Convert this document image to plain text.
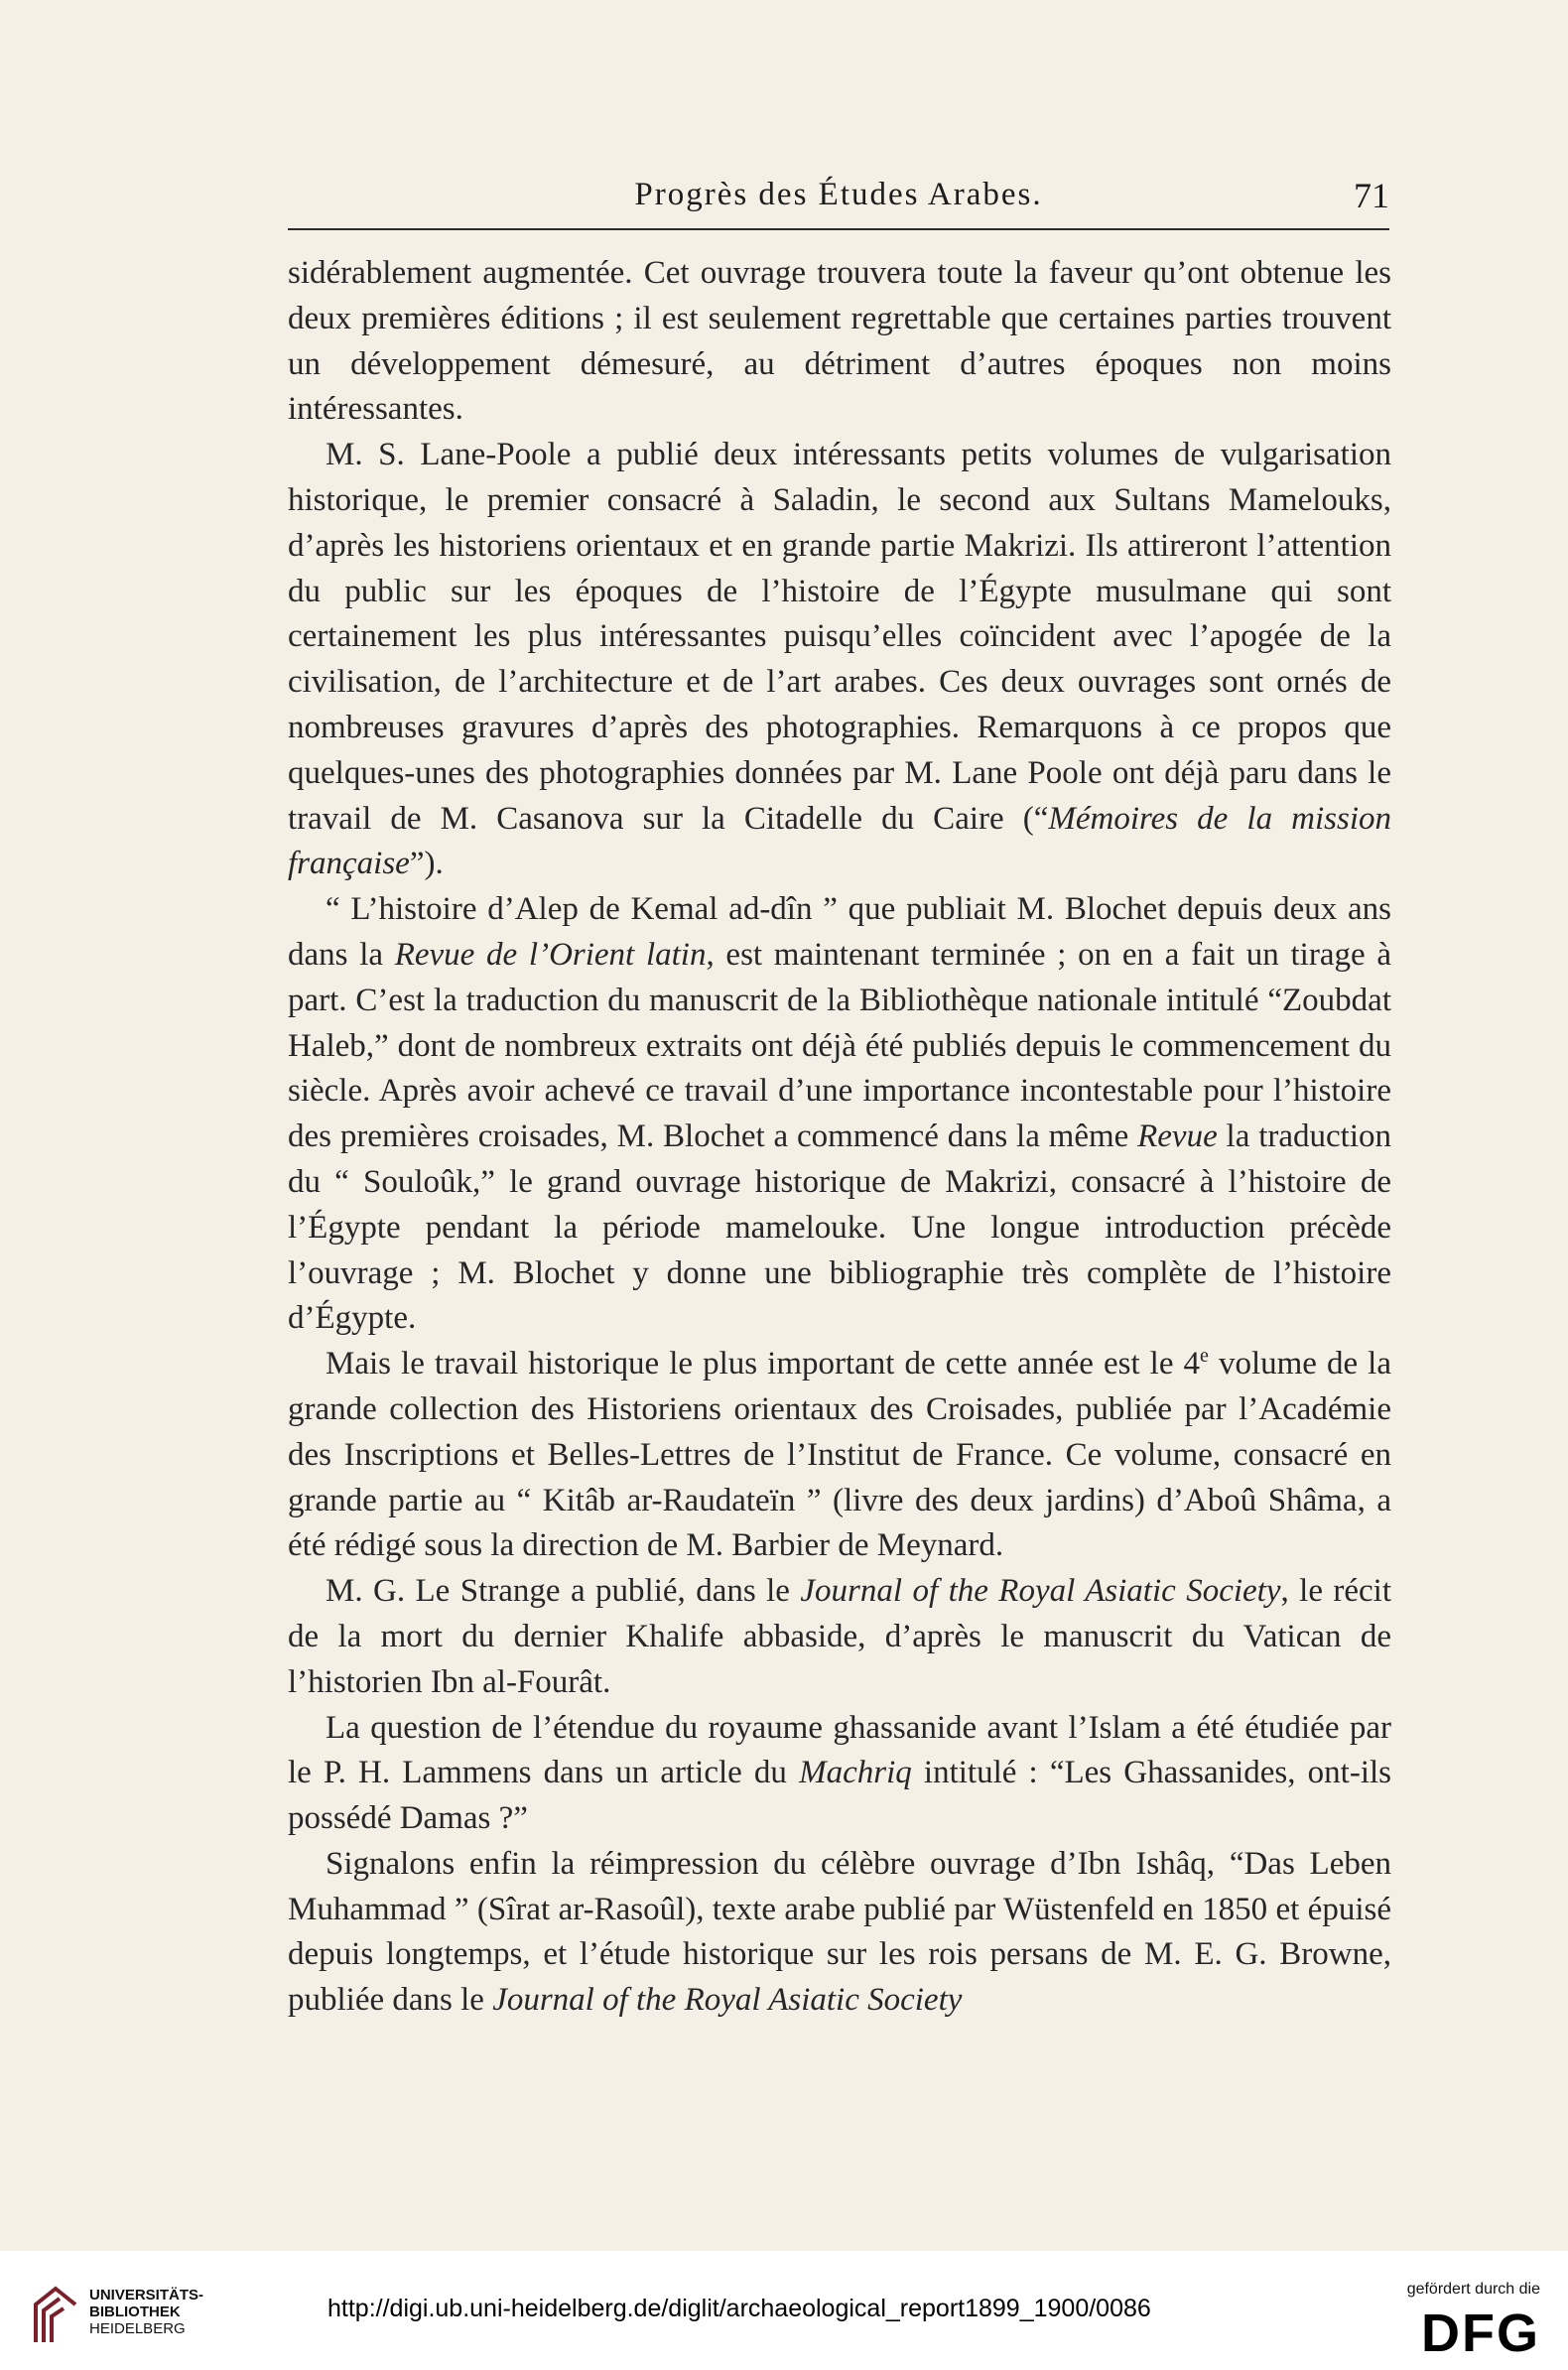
Progrès des Études Arabes.	71

sidérablement augmentée. Cet ouvrage trouvera toute la faveur qu’ont obtenue les deux premières éditions ; il est seulement regrettable que certaines parties trouvent un développement démesuré, au détriment d’autres époques non moins intéressantes.

M. S. Lane-Poole a publié deux intéressants petits volumes de vulgarisation historique, le premier consacré à Saladin, le second aux Sultans Mamelouks, d’après les historiens orientaux et en grande partie Makrizi. Ils attireront l’attention du public sur les époques de l’histoire de l’Égypte musulmane qui sont certainement les plus intéressantes puisqu’elles coïncident avec l’apogée de la civilisation, de l’architecture et de l’art arabes. Ces deux ouvrages sont ornés de nombreuses gravures d’après des photographies. Remarquons à ce propos que quelques-unes des photographies données par M. Lane Poole ont déjà paru dans le travail de M. Casanova sur la Citadelle du Caire (“Mémoires de la mission française”).

“ L’histoire d’Alep de Kemal ad-dîn ” que publiait M. Blochet depuis deux ans dans la Revue de l’Orient latin, est maintenant terminée ; on en a fait un tirage à part. C’est la traduction du manuscrit de la Bibliothèque nationale intitulé “Zoubdat Haleb,” dont de nombreux extraits ont déjà été publiés depuis le commencement du siècle. Après avoir achevé ce travail d’une importance incontestable pour l’histoire des premières croisades, M. Blochet a commencé dans la même Revue la traduction du “ Souloûk,” le grand ouvrage historique de Makrizi, consacré à l’histoire de l’Égypte pendant la période mamelouke. Une longue introduction précède l’ouvrage ; M. Blochet y donne une bibliographie très complète de l’histoire d’Égypte.

Mais le travail historique le plus important de cette année est le 4e volume de la grande collection des Historiens orientaux des Croisades, publiée par l’Académie des Inscriptions et Belles-Lettres de l’Institut de France. Ce volume, consacré en grande partie au “ Kitâb ar-Raudateïn ” (livre des deux jardins) d’Aboû Shâma, a été rédigé sous la direction de M. Barbier de Meynard.

M. G. Le Strange a publié, dans le Journal of the Royal Asiatic Society, le récit de la mort du dernier Khalife abbaside, d’après le manuscrit du Vatican de l’historien Ibn al-Fourât.

La question de l’étendue du royaume ghassanide avant l’Islam a été étudiée par le P. H. Lammens dans un article du Machriq intitulé : “Les Ghassanides, ont-ils possédé Damas ?”

Signalons enfin la réimpression du célèbre ouvrage d’Ibn Ishâq, “Das Leben Muhammad ” (Sîrat ar-Rasoûl), texte arabe publié par Wüstenfeld en 1850 et épuisé depuis longtemps, et l’étude historique sur les rois persans de M. E. G. Browne, publiée dans le Journal of the Royal Asiatic Society

UNIVERSITÄTS-
BIBLIOTHEK
HEIDELBERG
http://digi.ub.uni-heidelberg.de/diglit/archaeological_report1899_1900/0086
gefördert durch die
DFG
